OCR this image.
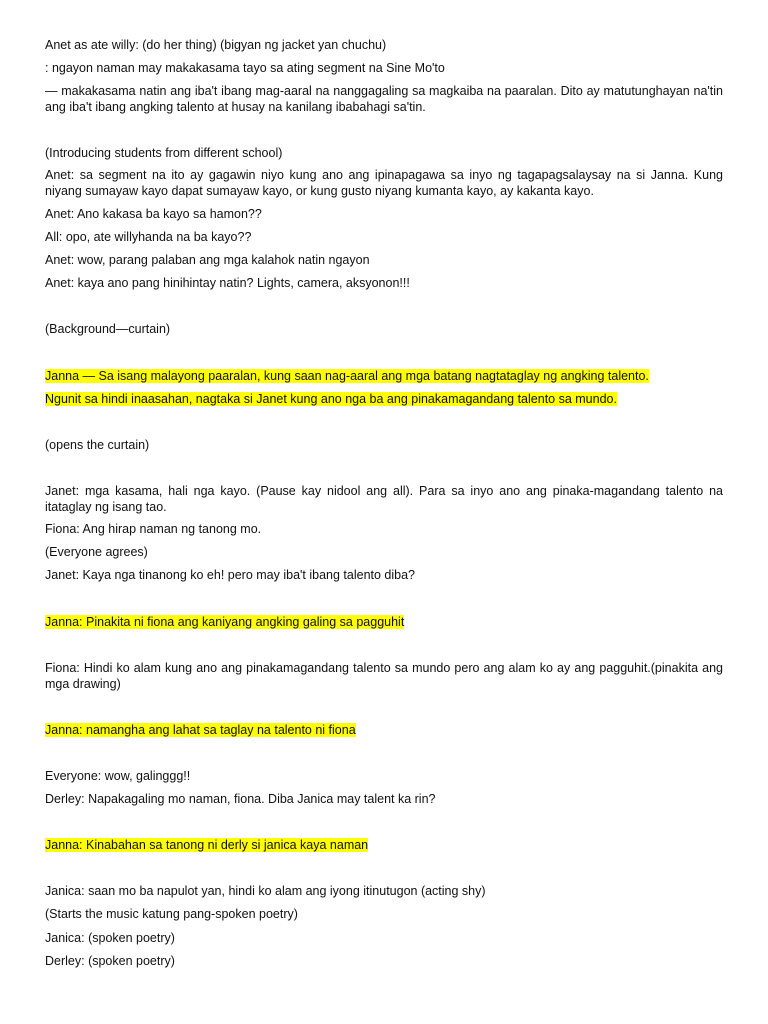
Anet as ate willy: (do her thing) (bigyan ng jacket yan chuchu)
: ngayon naman may makakasama tayo sa ating segment na Sine Mo'to
— makakasama natin ang iba't ibang mag-aaral na nanggagaling sa magkaiba na paaralan. Dito ay matutunghayan na'tin ang iba't ibang angking talento at husay na kanilang ibabahagi sa'tin.
(Introducing students from different school)
Anet: sa segment na ito ay gagawin niyo kung ano ang ipinapagawa sa inyo ng tagapagsalaysay na si Janna. Kung niyang sumayaw kayo dapat sumayaw kayo, or kung gusto niyang kumanta kayo, ay kakanta kayo.
Anet: Ano kakasa ba kayo sa hamon??
All: opo, ate willyhanda na ba kayo??
Anet: wow, parang palaban ang mga kalahok natin ngayon
Anet: kaya ano pang hinihintay natin? Lights, camera, aksyonon!!!
(Background—curtain)
Janna — Sa isang malayong paaralan, kung saan nag-aaral ang mga batang nagtataglay ng angking talento.
Ngunit sa hindi inaasahan, nagtaka si Janet kung ano nga ba ang pinakamagandang talento sa mundo.
(opens the curtain)
Janet: mga kasama, hali nga kayo. (Pause kay nidool ang all). Para sa inyo ano ang pinaka-magandang talento na itataglay ng isang tao.
Fiona: Ang hirap naman ng tanong mo.
(Everyone agrees)
Janet: Kaya nga tinanong ko eh! pero may iba't ibang talento diba?
Janna: Pinakita ni fiona ang kaniyang angking galing sa pagguhit
Fiona: Hindi ko alam kung ano ang pinakamagandang talento sa mundo pero ang alam ko ay ang pagguhit.(pinakita ang mga drawing)
Janna: namangha ang lahat sa taglay na talento ni fiona
Everyone: wow, galinggg!!
Derley: Napakagaling mo naman, fiona. Diba Janica may talent ka rin?
Janna: Kinabahan sa tanong ni derly si janica kaya naman
Janica: saan mo ba napulot yan, hindi ko alam ang iyong itinutugon (acting shy)
(Starts the music katung pang-spoken poetry)
Janica: (spoken poetry)
Derley: (spoken poetry)
